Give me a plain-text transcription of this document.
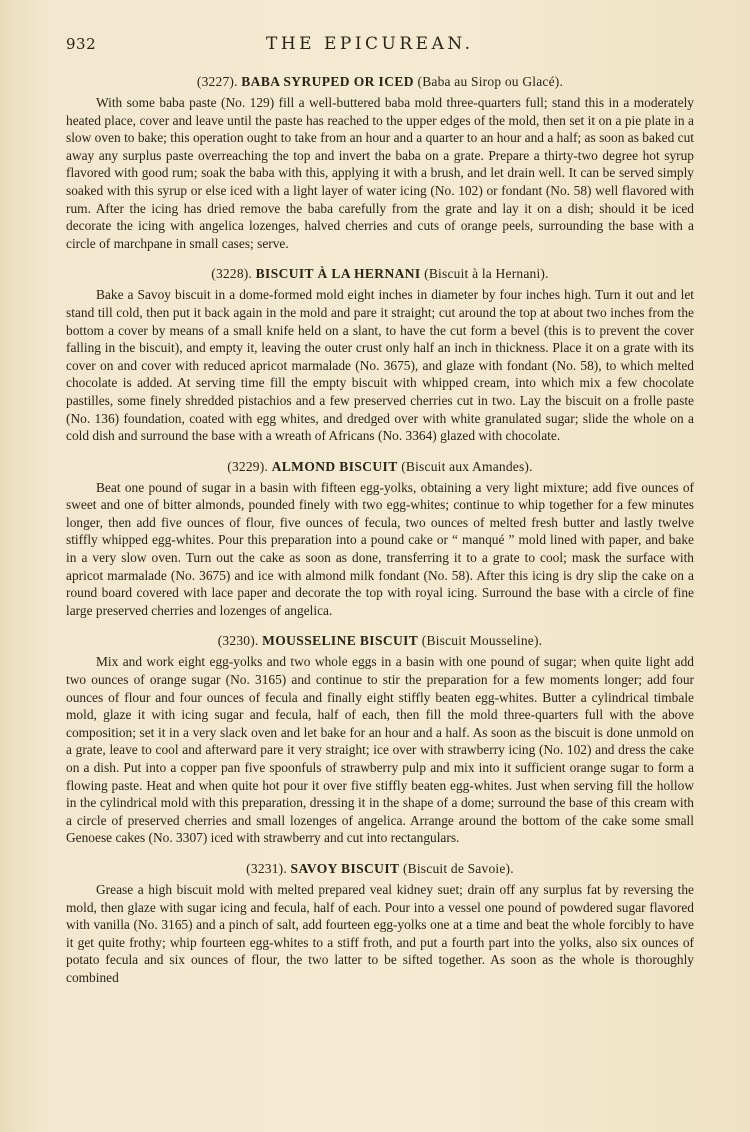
932	THE EPICUREAN.
(3227). BABA SYRUPED OR ICED (Baba au Sirop ou Glacé).

With some baba paste (No. 129) fill a well-buttered baba mold three-quarters full; stand this in a moderately heated place, cover and leave until the paste has reached to the upper edges of the mold, then set it on a pie plate in a slow oven to bake; this operation ought to take from an hour and a quarter to an hour and a half; as soon as baked cut away any surplus paste overreaching the top and invert the baba on a grate. Prepare a thirty-two degree hot syrup flavored with good rum; soak the baba with this, applying it with a brush, and let drain well. It can be served simply soaked with this syrup or else iced with a light layer of water icing (No. 102) or fondant (No. 58) well flavored with rum. After the icing has dried remove the baba carefully from the grate and lay it on a dish; should it be iced decorate the icing with angelica lozenges, halved cherries and cuts of orange peels, surrounding the base with a circle of marchpane in small cases; serve.

(3228). BISCUIT À LA HERNANI (Biscuit à la Hernani).

Bake a Savoy biscuit in a dome-formed mold eight inches in diameter by four inches high. Turn it out and let stand till cold, then put it back again in the mold and pare it straight; cut around the top at about two inches from the bottom a cover by means of a small knife held on a slant, to have the cut form a bevel (this is to prevent the cover falling in the biscuit), and empty it, leaving the outer crust only half an inch in thickness. Place it on a grate with its cover on and cover with reduced apricot marmalade (No. 3675), and glaze with fondant (No. 58), to which melted chocolate is added. At serving time fill the empty biscuit with whipped cream, into which mix a few chocolate pastilles, some finely shredded pistachios and a few preserved cherries cut in two. Lay the biscuit on a frolle paste (No. 136) foundation, coated with egg whites, and dredged over with white granulated sugar; slide the whole on a cold dish and surround the base with a wreath of Africans (No. 3364) glazed with chocolate.

(3229). ALMOND BISCUIT (Biscuit aux Amandes).

Beat one pound of sugar in a basin with fifteen egg-yolks, obtaining a very light mixture; add five ounces of sweet and one of bitter almonds, pounded finely with two egg-whites; continue to whip together for a few minutes longer, then add five ounces of flour, five ounces of fecula, two ounces of melted fresh butter and lastly twelve stiffly whipped egg-whites. Pour this preparation into a pound cake or “ manqué ” mold lined with paper, and bake in a very slow oven. Turn out the cake as soon as done, transferring it to a grate to cool; mask the surface with apricot marmalade (No. 3675) and ice with almond milk fondant (No. 58). After this icing is dry slip the cake on a round board covered with lace paper and decorate the top with royal icing. Surround the base with a circle of fine large preserved cherries and lozenges of angelica.

(3230). MOUSSELINE BISCUIT (Biscuit Mousseline).

Mix and work eight egg-yolks and two whole eggs in a basin with one pound of sugar; when quite light add two ounces of orange sugar (No. 3165) and continue to stir the preparation for a few moments longer; add four ounces of flour and four ounces of fecula and finally eight stiffly beaten egg-whites. Butter a cylindrical timbale mold, glaze it with icing sugar and fecula, half of each, then fill the mold three-quarters full with the above composition; set it in a very slack oven and let bake for an hour and a half. As soon as the biscuit is done unmold on a grate, leave to cool and afterward pare it very straight; ice over with strawberry icing (No. 102) and dress the cake on a dish. Put into a copper pan five spoonfuls of strawberry pulp and mix into it sufficient orange sugar to form a flowing paste. Heat and when quite hot pour it over five stiffly beaten egg-whites. Just when serving fill the hollow in the cylindrical mold with this preparation, dressing it in the shape of a dome; surround the base of this cream with a circle of preserved cherries and small lozenges of angelica. Arrange around the bottom of the cake some small Genoese cakes (No. 3307) iced with strawberry and cut into rectangulars.

(3231). SAVOY BISCUIT (Biscuit de Savoie).

Grease a high biscuit mold with melted prepared veal kidney suet; drain off any surplus fat by reversing the mold, then glaze with sugar icing and fecula, half of each. Pour into a vessel one pound of powdered sugar flavored with vanilla (No. 3165) and a pinch of salt, add fourteen egg-yolks one at a time and beat the whole forcibly to have it get quite frothy; whip fourteen egg-whites to a stiff froth, and put a fourth part into the yolks, also six ounces of potato fecula and six ounces of flour, the two latter to be sifted together. As soon as the whole is thoroughly combined
